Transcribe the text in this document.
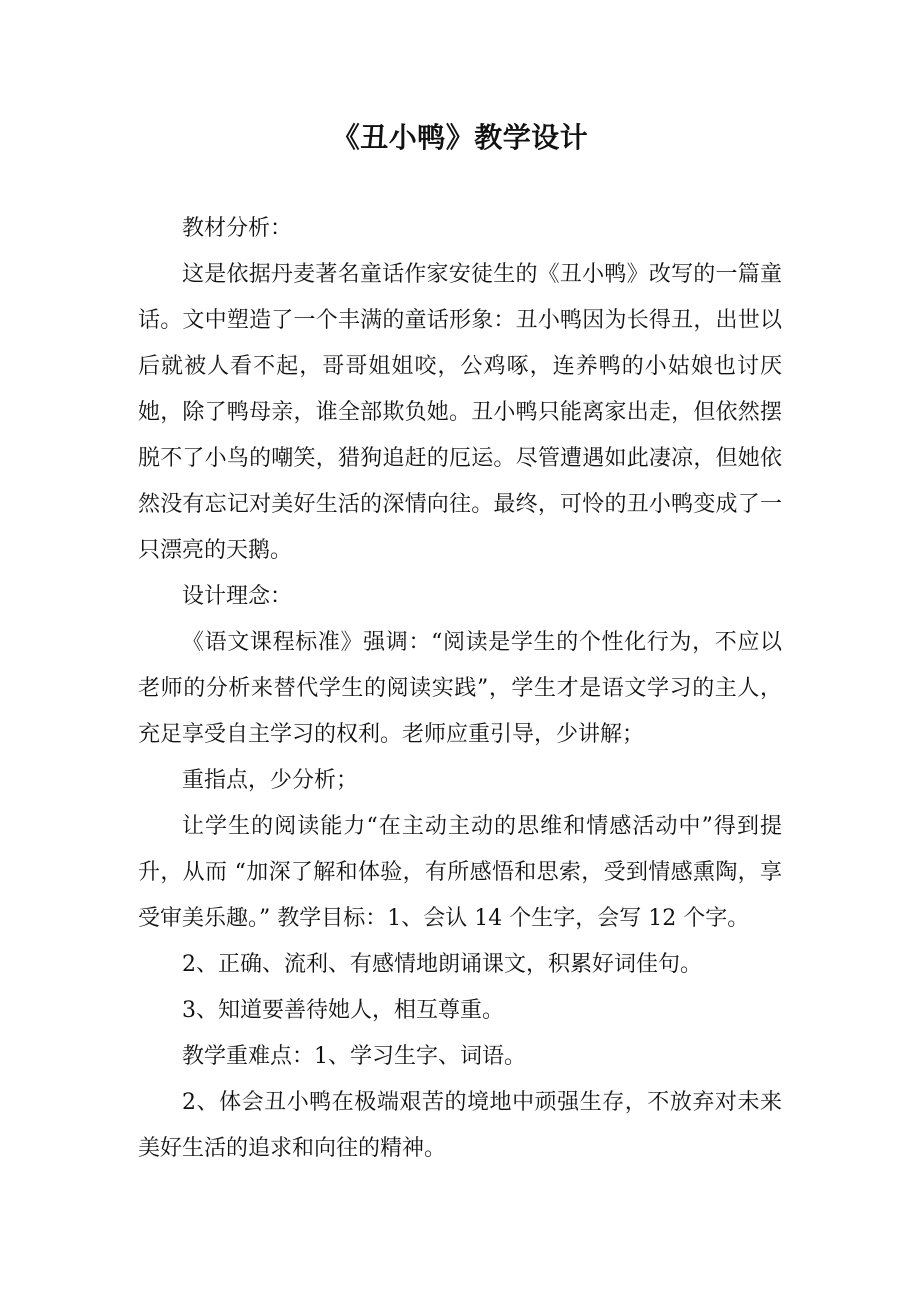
《丑小鸭》教学设计

教材分析：

这是依据丹麦著名童话作家安徒生的《丑小鸭》改写的一篇童话。文中塑造了一个丰满的童话形象：丑小鸭因为长得丑，出世以后就被人看不起，哥哥姐姐咬，公鸡啄，连养鸭的小姑娘也讨厌她，除了鸭母亲，谁全部欺负她。丑小鸭只能离家出走，但依然摆脱不了小鸟的嘲笑，猎狗追赶的厄运。尽管遭遇如此凄凉，但她依然没有忘记对美好生活的深情向往。最终，可怜的丑小鸭变成了一只漂亮的天鹅。

设计理念：

《语文课程标准》强调：“阅读是学生的个性化行为，不应以老师的分析来替代学生的阅读实践”，学生才是语文学习的主人，充足享受自主学习的权利。老师应重引导，少讲解；

重指点，少分析；

让学生的阅读能力“在主动主动的思维和情感活动中”得到提升，从而 “加深了解和体验，有所感悟和思索，受到情感熏陶，享受审美乐趣。” 教学目标：1、会认 14 个生字，会写 12 个字。

2、正确、流利、有感情地朗诵课文，积累好词佳句。

3、知道要善待她人，相互尊重。

教学重难点：1、学习生字、词语。

2、体会丑小鸭在极端艰苦的境地中顽强生存，不放弃对未来美好生活的追求和向往的精神。
